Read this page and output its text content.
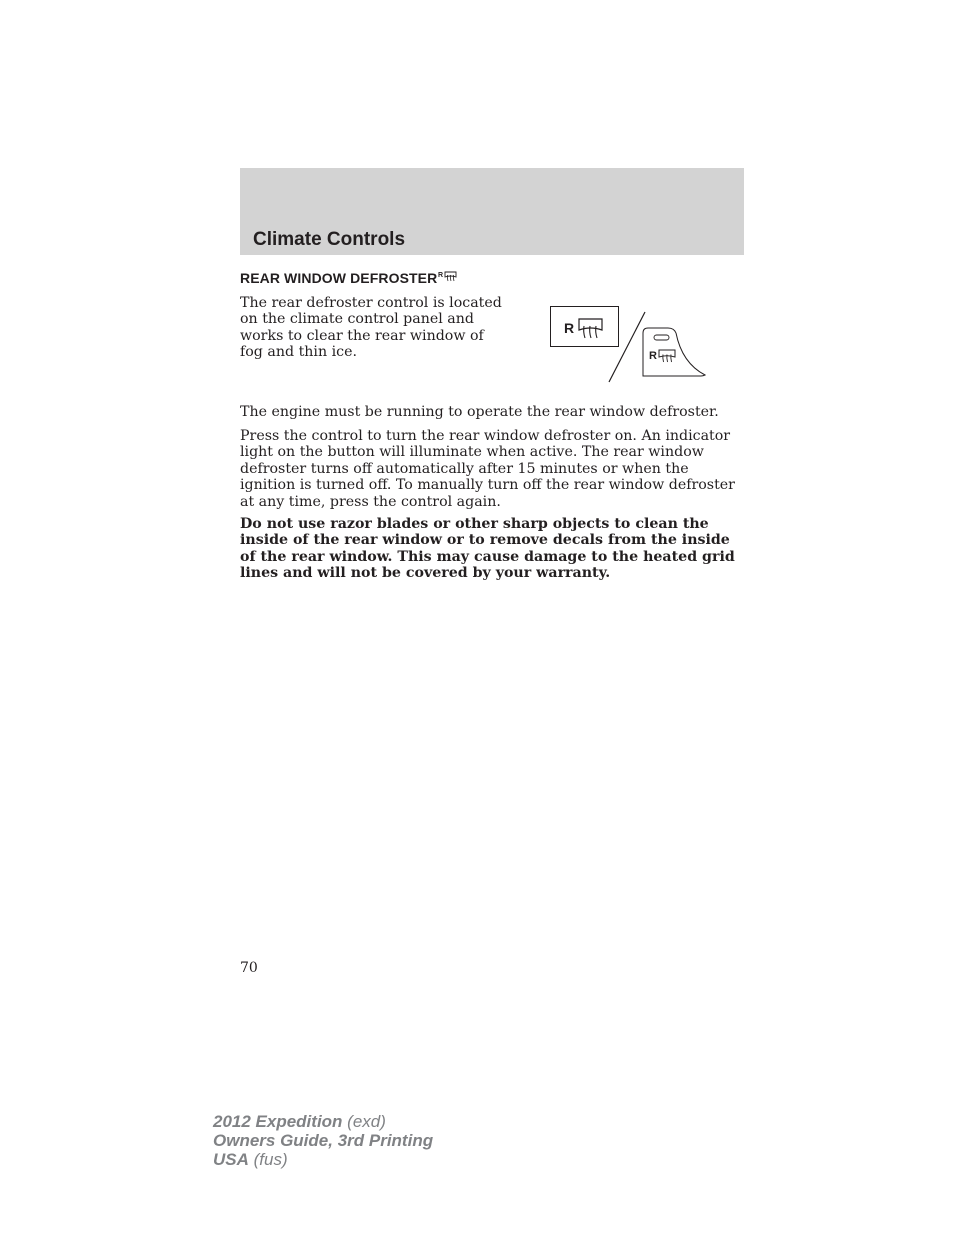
Climate Controls
REAR WINDOW DEFROSTER R

The rear defroster control is located on the climate control panel and works to clear the rear window of fog and thin ice.

R
R

The engine must be running to operate the rear window defroster.

Press the control to turn the rear window defroster on. An indicator light on the button will illuminate when active. The rear window defroster turns off automatically after 15 minutes or when the ignition is turned off. To manually turn off the rear window defroster at any time, press the control again.

Do not use razor blades or other sharp objects to clean the inside of the rear window or to remove decals from the inside of the rear window. This may cause damage to the heated grid lines and will not be covered by your warranty.

70
2012 Expedition (exd)
Owners Guide, 3rd Printing
USA (fus)
